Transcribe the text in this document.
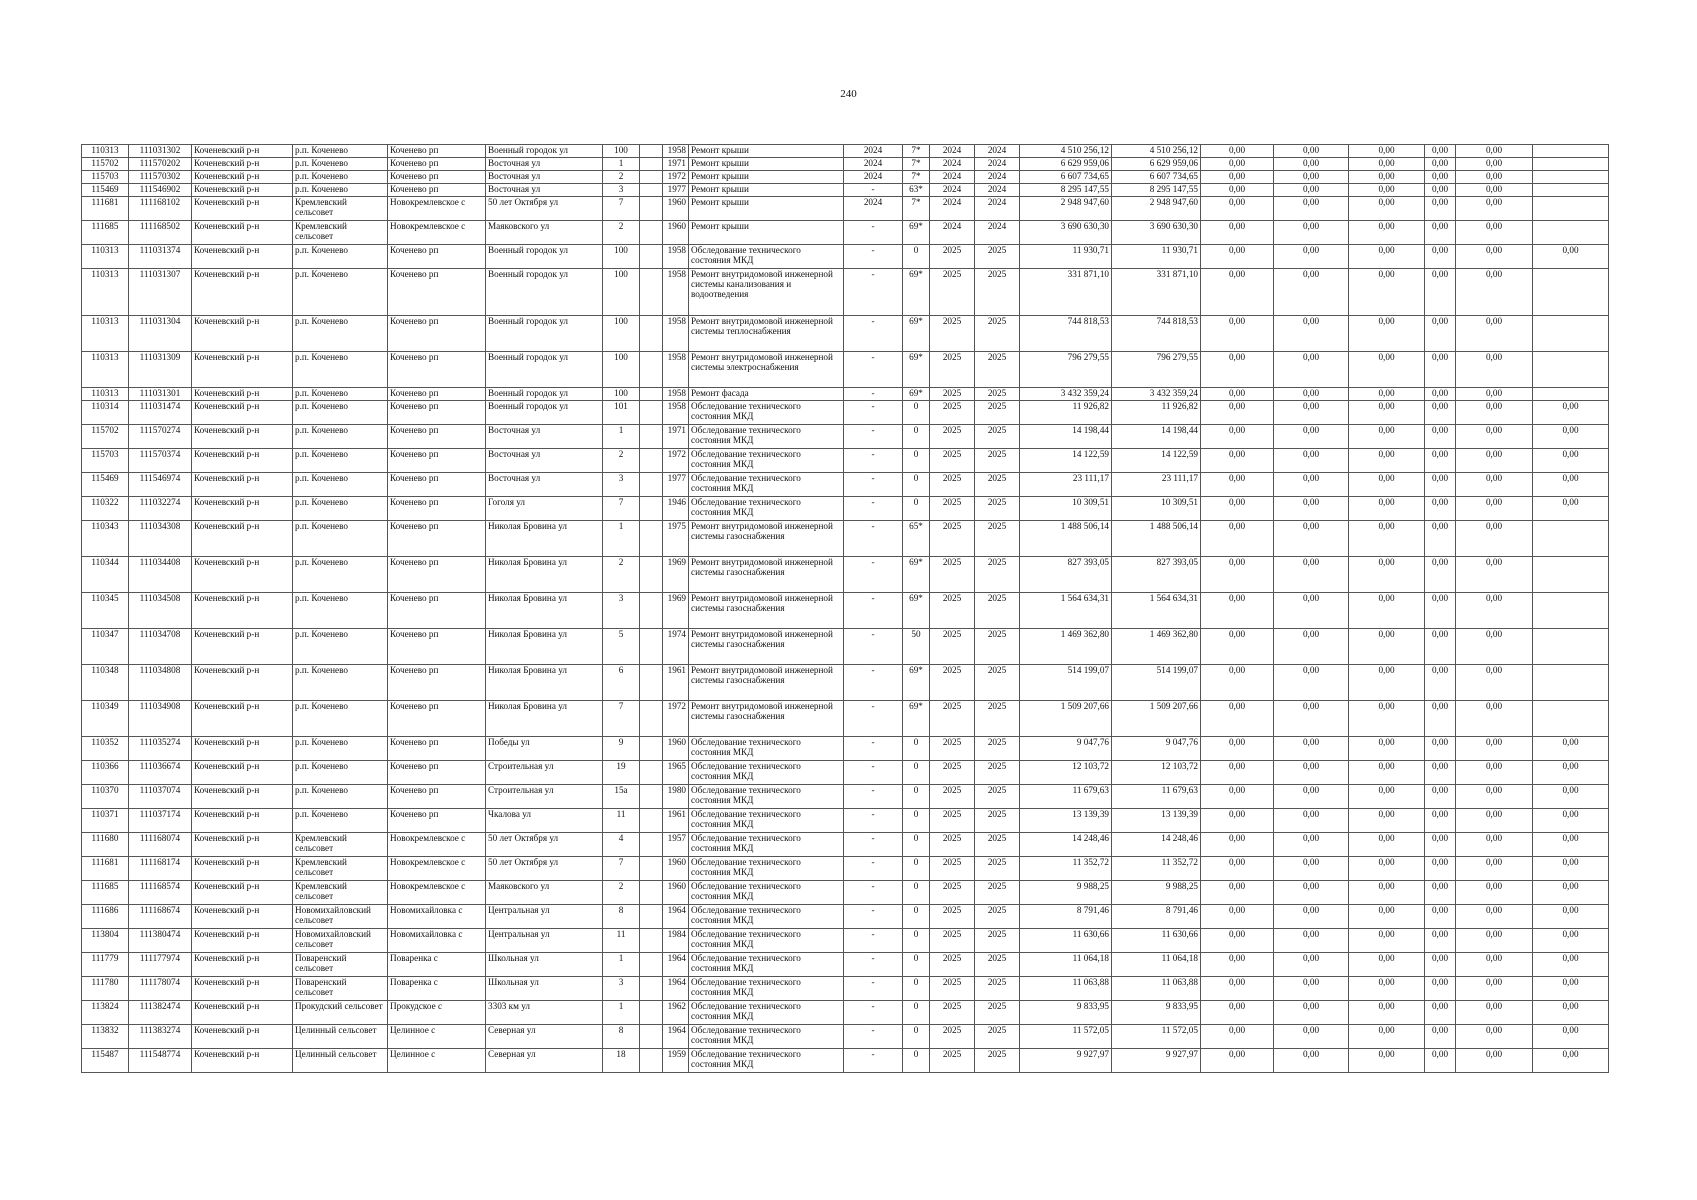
240
110313	111031302	Коченевский р-н	р.п. Коченево	Коченево рп	Военный городок ул	100		1958	Ремонт крыши	2024	7*	2024	2024	4 510 256,12	4 510 256,12	0,00	0,00	0,00	0,00	0,00	
115702	111570202	Коченевский р-н	р.п. Коченево	Коченево рп	Восточная ул	1		1971	Ремонт крыши	2024	7*	2024	2024	6 629 959,06	6 629 959,06	0,00	0,00	0,00	0,00	0,00	
115703	111570302	Коченевский р-н	р.п. Коченево	Коченево рп	Восточная ул	2		1972	Ремонт крыши	2024	7*	2024	2024	6 607 734,65	6 607 734,65	0,00	0,00	0,00	0,00	0,00	
115469	111546902	Коченевский р-н	р.п. Коченево	Коченево рп	Восточная ул	3		1977	Ремонт крыши	-	63*	2024	2024	8 295 147,55	8 295 147,55	0,00	0,00	0,00	0,00	0,00	
111681	111168102	Коченевский р-н	Кремлевский сельсовет	Новокремлевское с	50 лет Октября ул	7		1960	Ремонт крыши	2024	7*	2024	2024	2 948 947,60	2 948 947,60	0,00	0,00	0,00	0,00	0,00	
111685	111168502	Коченевский р-н	Кремлевский сельсовет	Новокремлевское с	Маяковского ул	2		1960	Ремонт крыши	-	69*	2024	2024	3 690 630,30	3 690 630,30	0,00	0,00	0,00	0,00	0,00	
110313	111031374	Коченевский р-н	р.п. Коченево	Коченево рп	Военный городок ул	100		1958	Обследование технического состояния МКД	-	0	2025	2025	11 930,71	11 930,71	0,00	0,00	0,00	0,00	0,00	0,00
110313	111031307	Коченевский р-н	р.п. Коченево	Коченево рп	Военный городок ул	100		1958	Ремонт внутридомовой инженерной системы канализования и водоотведения	-	69*	2025	2025	331 871,10	331 871,10	0,00	0,00	0,00	0,00	0,00	
110313	111031304	Коченевский р-н	р.п. Коченево	Коченево рп	Военный городок ул	100		1958	Ремонт внутридомовой инженерной системы теплоснабжения	-	69*	2025	2025	744 818,53	744 818,53	0,00	0,00	0,00	0,00	0,00	
110313	111031309	Коченевский р-н	р.п. Коченево	Коченево рп	Военный городок ул	100		1958	Ремонт внутридомовой инженерной системы электроснабжения	-	69*	2025	2025	796 279,55	796 279,55	0,00	0,00	0,00	0,00	0,00	
110313	111031301	Коченевский р-н	р.п. Коченево	Коченево рп	Военный городок ул	100		1958	Ремонт фасада	-	69*	2025	2025	3 432 359,24	3 432 359,24	0,00	0,00	0,00	0,00	0,00	
110314	111031474	Коченевский р-н	р.п. Коченево	Коченево рп	Военный городок ул	101		1958	Обследование технического состояния МКД	-	0	2025	2025	11 926,82	11 926,82	0,00	0,00	0,00	0,00	0,00	0,00
115702	111570274	Коченевский р-н	р.п. Коченево	Коченево рп	Восточная ул	1		1971	Обследование технического состояния МКД	-	0	2025	2025	14 198,44	14 198,44	0,00	0,00	0,00	0,00	0,00	0,00
115703	111570374	Коченевский р-н	р.п. Коченево	Коченево рп	Восточная ул	2		1972	Обследование технического состояния МКД	-	0	2025	2025	14 122,59	14 122,59	0,00	0,00	0,00	0,00	0,00	0,00
115469	111546974	Коченевский р-н	р.п. Коченево	Коченево рп	Восточная ул	3		1977	Обследование технического состояния МКД	-	0	2025	2025	23 111,17	23 111,17	0,00	0,00	0,00	0,00	0,00	0,00
110322	111032274	Коченевский р-н	р.п. Коченево	Коченево рп	Гоголя ул	7		1946	Обследование технического состояния МКД	-	0	2025	2025	10 309,51	10 309,51	0,00	0,00	0,00	0,00	0,00	0,00
110343	111034308	Коченевский р-н	р.п. Коченево	Коченево рп	Николая Бровина ул	1		1975	Ремонт внутридомовой инженерной системы газоснабжения	-	65*	2025	2025	1 488 506,14	1 488 506,14	0,00	0,00	0,00	0,00	0,00	
110344	111034408	Коченевский р-н	р.п. Коченево	Коченево рп	Николая Бровина ул	2		1969	Ремонт внутридомовой инженерной системы газоснабжения	-	69*	2025	2025	827 393,05	827 393,05	0,00	0,00	0,00	0,00	0,00	
110345	111034508	Коченевский р-н	р.п. Коченево	Коченево рп	Николая Бровина ул	3		1969	Ремонт внутридомовой инженерной системы газоснабжения	-	69*	2025	2025	1 564 634,31	1 564 634,31	0,00	0,00	0,00	0,00	0,00	
110347	111034708	Коченевский р-н	р.п. Коченево	Коченево рп	Николая Бровина ул	5		1974	Ремонт внутридомовой инженерной системы газоснабжения	-	50	2025	2025	1 469 362,80	1 469 362,80	0,00	0,00	0,00	0,00	0,00	
110348	111034808	Коченевский р-н	р.п. Коченево	Коченево рп	Николая Бровина ул	6		1961	Ремонт внутридомовой инженерной системы газоснабжения	-	69*	2025	2025	514 199,07	514 199,07	0,00	0,00	0,00	0,00	0,00	
110349	111034908	Коченевский р-н	р.п. Коченево	Коченево рп	Николая Бровина ул	7		1972	Ремонт внутридомовой инженерной системы газоснабжения	-	69*	2025	2025	1 509 207,66	1 509 207,66	0,00	0,00	0,00	0,00	0,00	
110352	111035274	Коченевский р-н	р.п. Коченево	Коченево рп	Победы ул	9		1960	Обследование технического состояния МКД	-	0	2025	2025	9 047,76	9 047,76	0,00	0,00	0,00	0,00	0,00	0,00
110366	111036674	Коченевский р-н	р.п. Коченево	Коченево рп	Строительная ул	19		1965	Обследование технического состояния МКД	-	0	2025	2025	12 103,72	12 103,72	0,00	0,00	0,00	0,00	0,00	0,00
110370	111037074	Коченевский р-н	р.п. Коченево	Коченево рп	Строительная ул	15а		1980	Обследование технического состояния МКД	-	0	2025	2025	11 679,63	11 679,63	0,00	0,00	0,00	0,00	0,00	0,00
110371	111037174	Коченевский р-н	р.п. Коченево	Коченево рп	Чкалова ул	11		1961	Обследование технического состояния МКД	-	0	2025	2025	13 139,39	13 139,39	0,00	0,00	0,00	0,00	0,00	0,00
111680	111168074	Коченевский р-н	Кремлевский сельсовет	Новокремлевское с	50 лет Октября ул	4		1957	Обследование технического состояния МКД	-	0	2025	2025	14 248,46	14 248,46	0,00	0,00	0,00	0,00	0,00	0,00
111681	111168174	Коченевский р-н	Кремлевский сельсовет	Новокремлевское с	50 лет Октября ул	7		1960	Обследование технического состояния МКД	-	0	2025	2025	11 352,72	11 352,72	0,00	0,00	0,00	0,00	0,00	0,00
111685	111168574	Коченевский р-н	Кремлевский сельсовет	Новокремлевское с	Маяковского ул	2		1960	Обследование технического состояния МКД	-	0	2025	2025	9 988,25	9 988,25	0,00	0,00	0,00	0,00	0,00	0,00
111686	111168674	Коченевский р-н	Новомихайловский сельсовет	Новомихайловка с	Центральная ул	8		1964	Обследование технического состояния МКД	-	0	2025	2025	8 791,46	8 791,46	0,00	0,00	0,00	0,00	0,00	0,00
113804	111380474	Коченевский р-н	Новомихайловский сельсовет	Новомихайловка с	Центральная ул	11		1984	Обследование технического состояния МКД	-	0	2025	2025	11 630,66	11 630,66	0,00	0,00	0,00	0,00	0,00	0,00
111779	111177974	Коченевский р-н	Поваренский сельсовет	Поваренка с	Школьная ул	1		1964	Обследование технического состояния МКД	-	0	2025	2025	11 064,18	11 064,18	0,00	0,00	0,00	0,00	0,00	0,00
111780	111178074	Коченевский р-н	Поваренский сельсовет	Поваренка с	Школьная ул	3		1964	Обследование технического состояния МКД	-	0	2025	2025	11 063,88	11 063,88	0,00	0,00	0,00	0,00	0,00	0,00
113824	111382474	Коченевский р-н	Прокудский сельсовет	Прокудское с	3303 км ул	1		1962	Обследование технического состояния МКД	-	0	2025	2025	9 833,95	9 833,95	0,00	0,00	0,00	0,00	0,00	0,00
113832	111383274	Коченевский р-н	Целинный сельсовет	Целинное с	Северная ул	8		1964	Обследование технического состояния МКД	-	0	2025	2025	11 572,05	11 572,05	0,00	0,00	0,00	0,00	0,00	0,00
115487	111548774	Коченевский р-н	Целинный сельсовет	Целинное с	Северная ул	18		1959	Обследование технического состояния МКД	-	0	2025	2025	9 927,97	9 927,97	0,00	0,00	0,00	0,00	0,00	0,00
